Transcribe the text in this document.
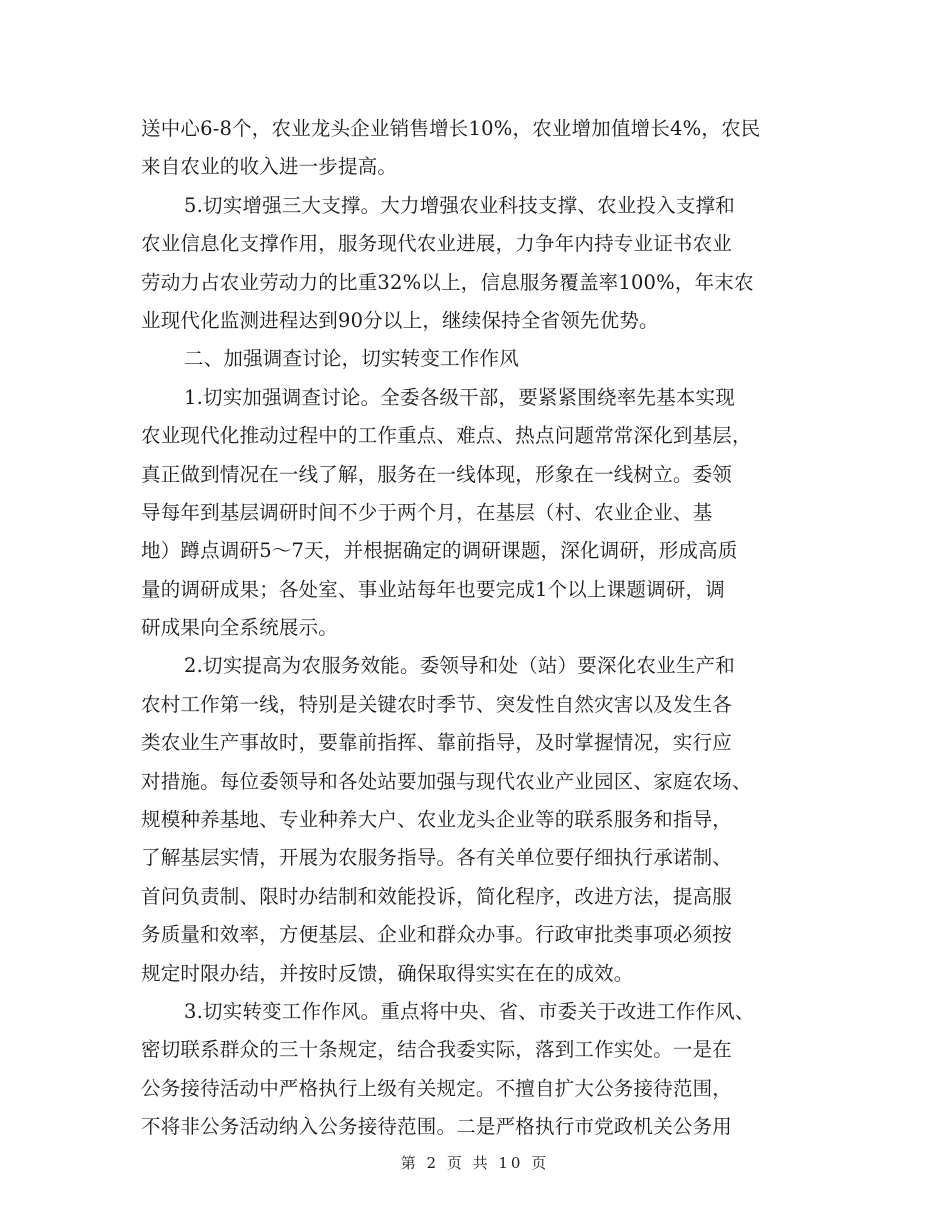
送中心6-8个，农业龙头企业销售增长10%，农业增加值增长4%，农民
来自农业的收入进一步提高。
5.切实增强三大支撑。大力增强农业科技支撑、农业投入支撑和
农业信息化支撑作用，服务现代农业进展，力争年内持专业证书农业
劳动力占农业劳动力的比重32%以上，信息服务覆盖率100%，年末农
业现代化监测进程达到90分以上，继续保持全省领先优势。
二、加强调查讨论，切实转变工作作风
1.切实加强调查讨论。全委各级干部，要紧紧围绕率先基本实现
农业现代化推动过程中的工作重点、难点、热点问题常常深化到基层，
真正做到情况在一线了解，服务在一线体现，形象在一线树立。委领
导每年到基层调研时间不少于两个月，在基层（村、农业企业、基
地）蹲点调研5～7天，并根据确定的调研课题，深化调研，形成高质
量的调研成果；各处室、事业站每年也要完成1个以上课题调研，调
研成果向全系统展示。
2.切实提高为农服务效能。委领导和处（站）要深化农业生产和
农村工作第一线，特别是关键农时季节、突发性自然灾害以及发生各
类农业生产事故时，要靠前指挥、靠前指导，及时掌握情况，实行应
对措施。每位委领导和各处站要加强与现代农业产业园区、家庭农场、
规模种养基地、专业种养大户、农业龙头企业等的联系服务和指导，
了解基层实情，开展为农服务指导。各有关单位要仔细执行承诺制、
首问负责制、限时办结制和效能投诉，简化程序，改进方法，提高服
务质量和效率，方便基层、企业和群众办事。行政审批类事项必须按
规定时限办结，并按时反馈，确保取得实实在在的成效。
3.切实转变工作作风。重点将中央、省、市委关于改进工作作风、
密切联系群众的三十条规定，结合我委实际，落到工作实处。一是在
公务接待活动中严格执行上级有关规定。不擅自扩大公务接待范围，
不将非公务活动纳入公务接待范围。二是严格执行市党政机关公务用
第 2 页 共 10 页
